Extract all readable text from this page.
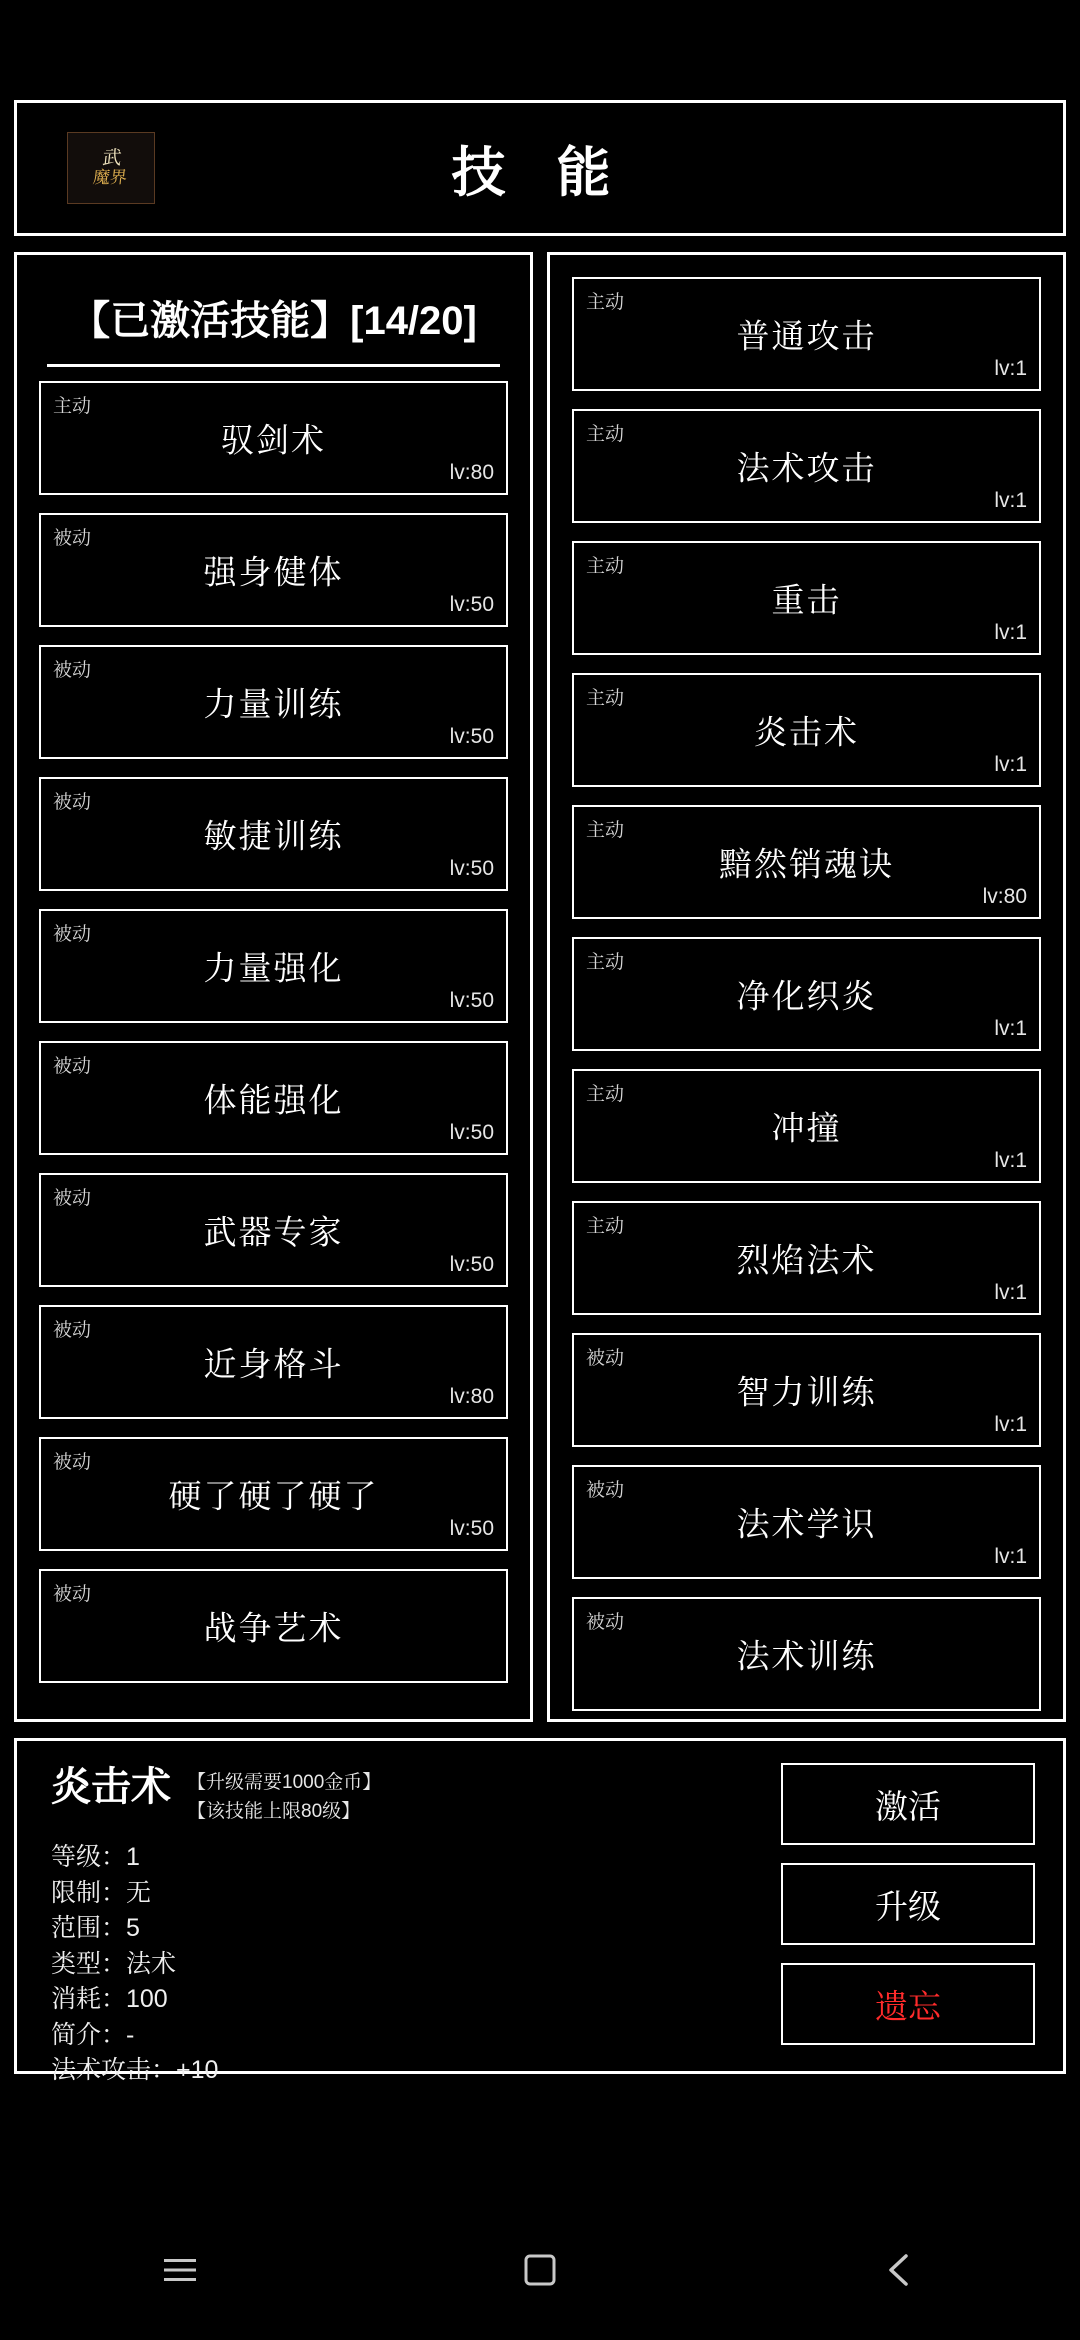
武
魔界	技 能
【已激活技能】[14/20]
主动
驭剑术
lv:80
被动
强身健体
lv:50
被动
力量训练
lv:50
被动
敏捷训练
lv:50
被动
力量强化
lv:50
被动
体能强化
lv:50
被动
武器专家
lv:50
被动
近身格斗
lv:80
被动
硬了硬了硬了
lv:50
被动
战争艺术
主动
普通攻击
lv:1
主动
法术攻击
lv:1
主动
重击
lv:1
主动
炎击术
lv:1
主动
黯然销魂诀
lv:80
主动
净化织炎
lv:1
主动
冲撞
lv:1
主动
烈焰法术
lv:1
被动
智力训练
lv:1
被动
法术学识
lv:1
被动
法术训练
炎击术 【升级需要1000金币】
【该技能上限80级】
等级：1
限制：无
范围：5
类型：法术
消耗：100
简介：-
法术攻击：+10
激活
升级
遗忘
